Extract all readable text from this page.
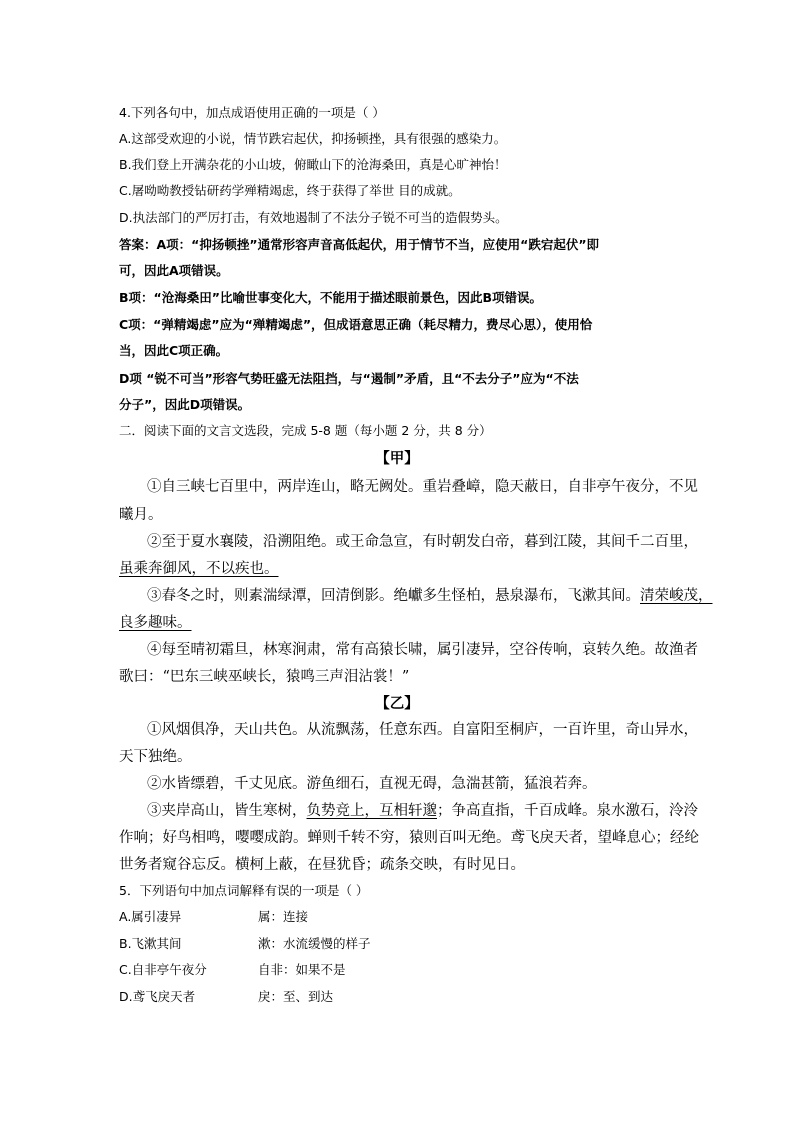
4.下列各句中，加点成语使用正确的一项是（ ）
A.这部受欢迎的小说，情节跌宕起伏，抑扬顿挫，具有很强的感染力。
B.我们登上开满杂花的小山坡，俯瞰山下的沧海桑田，真是心旷神怡！
C.屠呦呦教授钻研药学殚精竭虑，终于获得了举世 目的成就。
D.执法部门的严厉打击，有效地遏制了不法分子锐不可当的造假势头。
答案：A项：“抑扬顿挫”通常形容声音高低起伏，用于情节不当，应使用“跌宕起伏”即
可，因此A项错误。
B项：“沧海桑田”比喻世事变化大，不能用于描述眼前景色，因此B项错误。
C项：“弹精竭虑”应为“殚精竭虑”，但成语意思正确（耗尽精力，费尽心思），使用恰
当，因此C项正确。
D项 “锐不可当”形容气势旺盛无法阻挡，与“遏制”矛盾，且“不去分子”应为“不法
分子”，因此D项错误。
二．阅读下面的文言文选段，完成 5-8 题（每小题 2 分，共 8 分）
【甲】
①自三峡七百里中，两岸连山，略无阙处。重岩叠嶂，隐天蔽日，自非亭午夜分，不见
曦月。
②至于夏水襄陵，沿溯阻绝。或王命急宣，有时朝发白帝，暮到江陵，其间千二百里，
虽乘奔御风，不以疾也。
③春冬之时，则素湍绿潭，回清倒影。绝巘多生怪柏，悬泉瀑布，飞漱其间。清荣峻茂，
良多趣味。
④每至晴初霜旦，林寒涧肃，常有高猿长啸，属引凄异，空谷传响，哀转久绝。故渔者
歌曰：“巴东三峡巫峡长，猿鸣三声泪沾裳！”
【乙】
①风烟俱净，天山共色。从流飘荡，任意东西。自富阳至桐庐，一百许里，奇山异水，
天下独绝。
②水皆缥碧，千丈见底。游鱼细石，直视无碍，急湍甚箭，猛浪若奔。
③夹岸高山，皆生寒树，负势竞上，互相轩邈；争高直指，千百成峰。泉水激石，泠泠
作响；好鸟相鸣，嘤嘤成韵。蝉则千转不穷，猿则百叫无绝。鸢飞戾天者，望峰息心；经纶
世务者窥谷忘反。横柯上蔽，在昼犹昏；疏条交映，有时见日。
5．下列语句中加点词解释有误的一项是（ ）
A.属引凄异	属：连接
B.飞漱其间	漱：水流缓慢的样子
C.自非亭午夜分	自非：如果不是
D.鸢飞戾天者	戾：至、到达
